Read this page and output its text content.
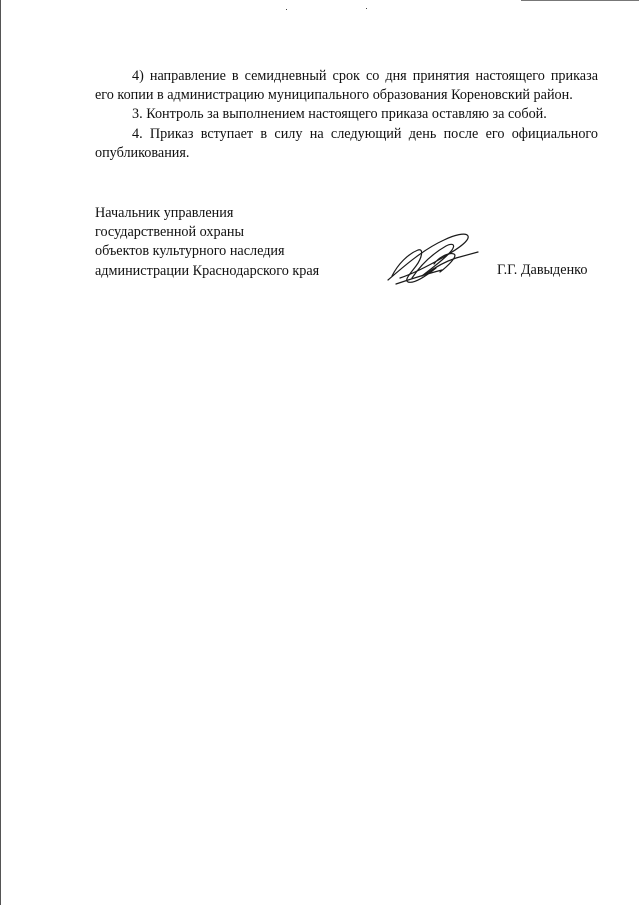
4) направление в семидневный срок со дня принятия настоящего приказа его копии в администрацию муниципального образования Кореновский район.

3. Контроль за выполнением настоящего приказа оставляю за собой.

4. Приказ вступает в силу на следующий день после его официального опубликования.

Начальник управления
государственной охраны
объектов культурного наследия
администрации Краснодарского края	Г.Г. Давыденко
